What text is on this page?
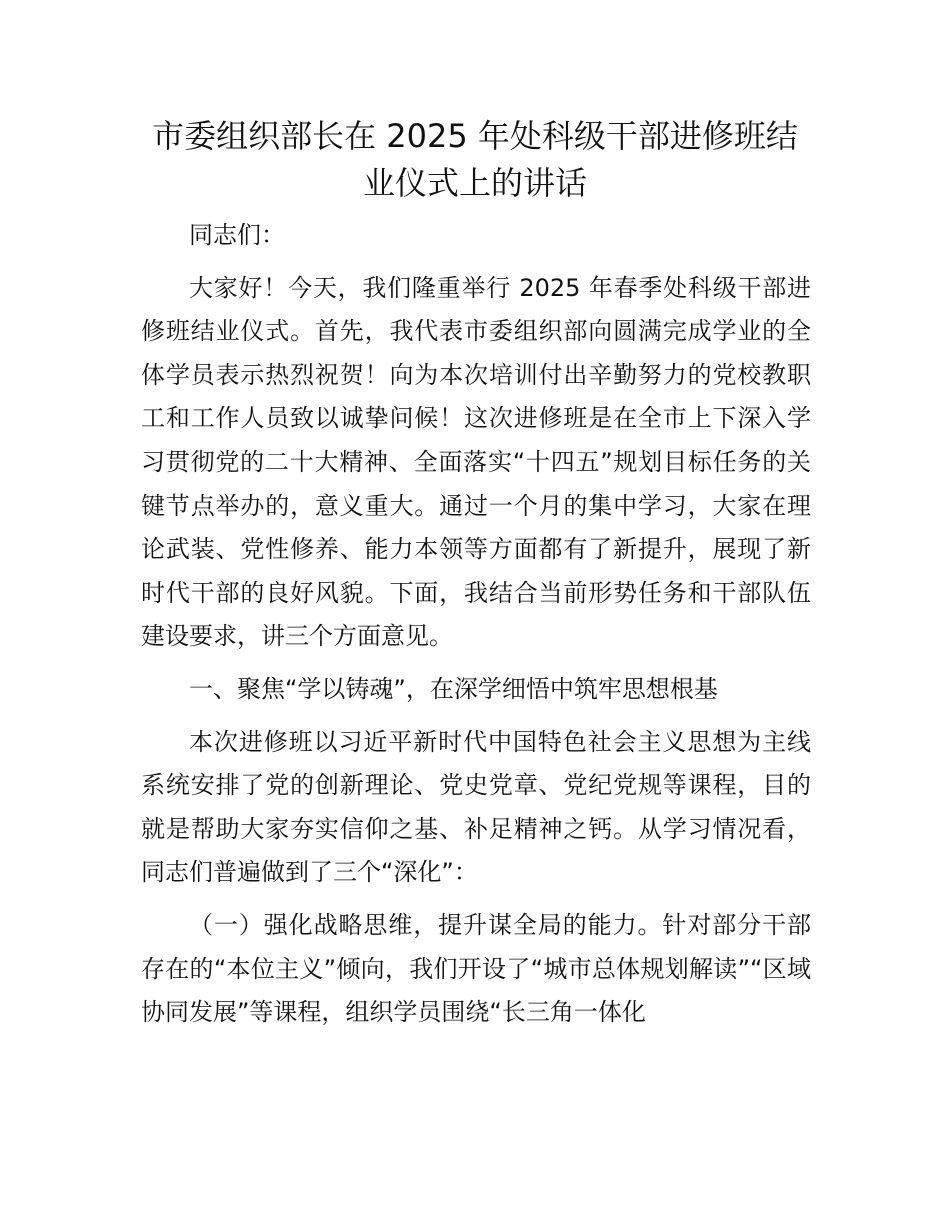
市委组织部长在 2025 年处科级干部进修班结业仪式上的讲话

同志们：

大家好！今天，我们隆重举行 2025 年春季处科级干部进修班结业仪式。首先，我代表市委组织部向圆满完成学业的全体学员表示热烈祝贺！向为本次培训付出辛勤努力的党校教职工和工作人员致以诚挚问候！这次进修班是在全市上下深入学习贯彻党的二十大精神、全面落实“十四五”规划目标任务的关键节点举办的，意义重大。通过一个月的集中学习，大家在理论武装、党性修养、能力本领等方面都有了新提升，展现了新时代干部的良好风貌。下面，我结合当前形势任务和干部队伍建设要求，讲三个方面意见。

一、聚焦“学以铸魂”，在深学细悟中筑牢思想根基

本次进修班以习近平新时代中国特色社会主义思想为主线系统安排了党的创新理论、党史党章、党纪党规等课程，目的就是帮助大家夯实信仰之基、补足精神之钙。从学习情况看，同志们普遍做到了三个“深化”：

（一）强化战略思维，提升谋全局的能力。针对部分干部存在的“本位主义”倾向，我们开设了“城市总体规划解读”“区域协同发展”等课程，组织学员围绕“长三角一体化
